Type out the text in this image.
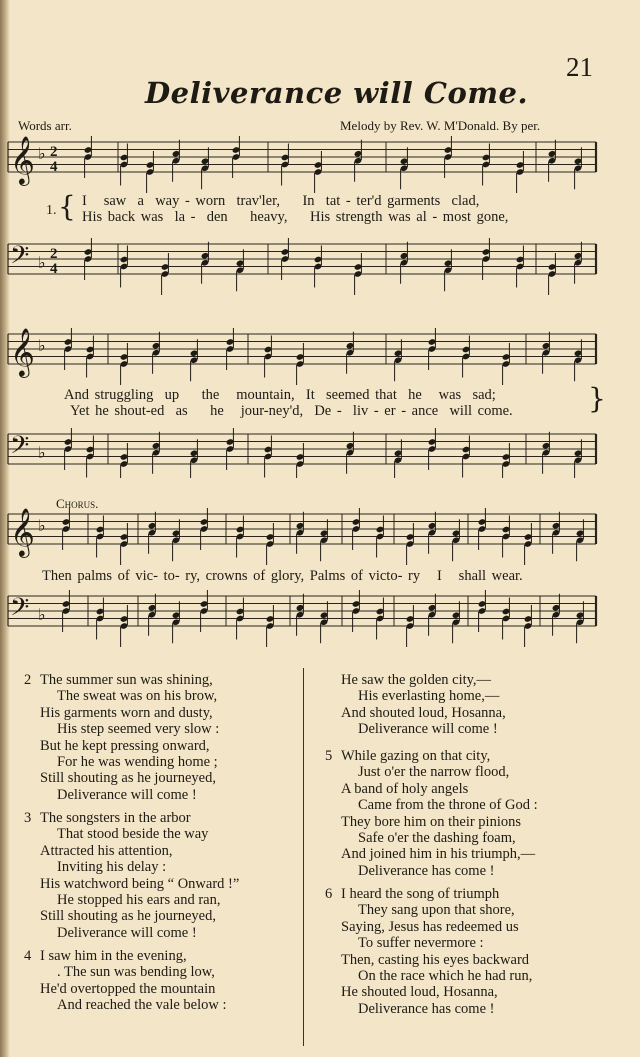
21
Deliverance will Come.
Words arr.	Melody by Rev. W. M'Donald. By per.
𝄞 ♭ 2
4
𝄢 ♭
2
4
1. { I   saw  a  way - worn  trav'ler,    In  tat - ter'd garments  clad,
His back was  la -  den    heavy,    His strength was al - most gone,
𝄞 ♭
𝄢 ♭
And struggling  up    the   mountain,  It  seemed that  he   was  sad;
Yet he shout-ed  as    he   jour-ney'd,  De -  liv - er - ance  will come.	}
Chorus.
𝄞 ♭
𝄢 ♭
Then palms of vic- to- ry, crowns of glory, Palms of victo- ry   I   shall wear.
2 The summer sun was shining,
The sweat was on his brow,
His garments worn and dusty,
His step seemed very slow :
But he kept pressing onward,
For he was wending home ;
Still shouting as he journeyed,
Deliverance will come !
3 The songsters in the arbor
That stood beside the way
Attracted his attention,
Inviting his delay :
His watchword being “ Onward !”
He stopped his ears and ran,
Still shouting as he journeyed,
Deliverance will come !
4 I saw him in the evening,
. The sun was bending low,
He'd overtopped the mountain
And reached the vale below :
He saw the golden city,—
His everlasting home,—
And shouted loud, Hosanna,
Deliverance will come !
5 While gazing on that city,
Just o'er the narrow flood,
A band of holy angels
Came from the throne of God :
They bore him on their pinions
Safe o'er the dashing foam,
And joined him in his triumph,—
Deliverance has come !
6 I heard the song of triumph
They sang upon that shore,
Saying, Jesus has redeemed us
To suffer nevermore :
Then, casting his eyes backward
On the race which he had run,
He shouted loud, Hosanna,
Deliverance has come !
